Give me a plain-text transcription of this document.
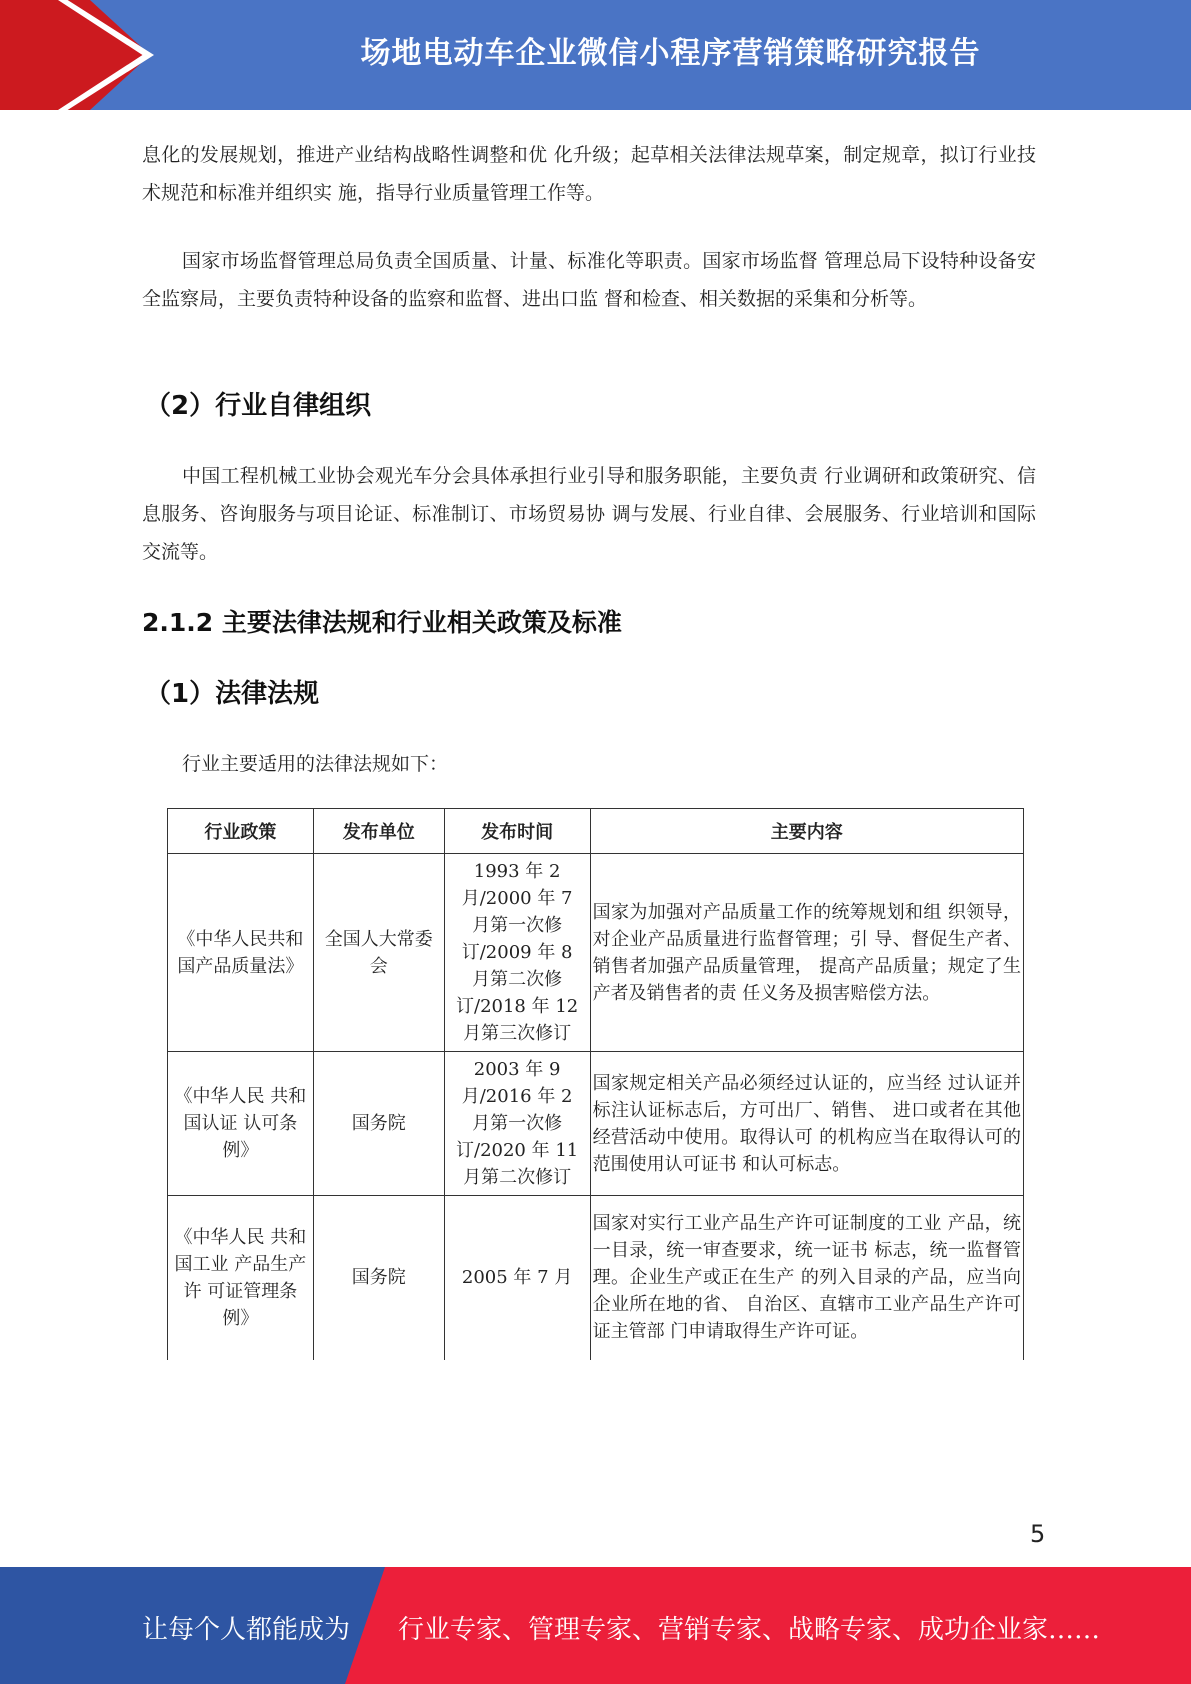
场地电动车企业微信小程序营销策略研究报告
息化的发展规划，推进产业结构战略性调整和优 化升级；起草相关法律法规草案，制定规章，拟订行业技术规范和标准并组织实 施，指导行业质量管理工作等。
国家市场监督管理总局负责全国质量、计量、标准化等职责。国家市场监督 管理总局下设特种设备安全监察局，主要负责特种设备的监察和监督、进出口监 督和检查、相关数据的采集和分析等。
（2）行业自律组织
中国工程机械工业协会观光车分会具体承担行业引导和服务职能，主要负责 行业调研和政策研究、信息服务、咨询服务与项目论证、标准制订、市场贸易协 调与发展、行业自律、会展服务、行业培训和国际交流等。
2.1.2 主要法律法规和行业相关政策及标准
（1）法律法规
行业主要适用的法律法规如下：
行业政策	发布单位	发布时间	主要内容
《中华人民共和国产品质量法》	全国人大常委会	1993 年 2 月/2000 年 7 月第一次修订/2009 年 8 月第二次修订/2018 年 12 月第三次修订	国家为加强对产品质量工作的统筹规划和组 织领导，对企业产品质量进行监督管理；引 导、督促生产者、销售者加强产品质量管理， 提高产品质量；规定了生产者及销售者的责 任义务及损害赔偿方法。
《中华人民 共和国认证 认可条例》	国务院	2003 年 9 月/2016 年 2 月第一次修订/2020 年 11 月第二次修订	国家规定相关产品必须经过认证的，应当经 过认证并标注认证标志后，方可出厂、销售、 进口或者在其他经营活动中使用。取得认可 的机构应当在取得认可的范围使用认可证书 和认可标志。
《中华人民 共和国工业 产品生产许 可证管理条 例》	国务院	2005 年 7 月	国家对实行工业产品生产许可证制度的工业 产品，统一目录，统一审查要求，统一证书 标志，统一监督管理。企业生产或正在生产 的列入目录的产品，应当向企业所在地的省、 自治区、直辖市工业产品生产许可证主管部 门申请取得生产许可证。
5
让每个人都能成为 行业专家、管理专家、营销专家、战略专家、成功企业家……
